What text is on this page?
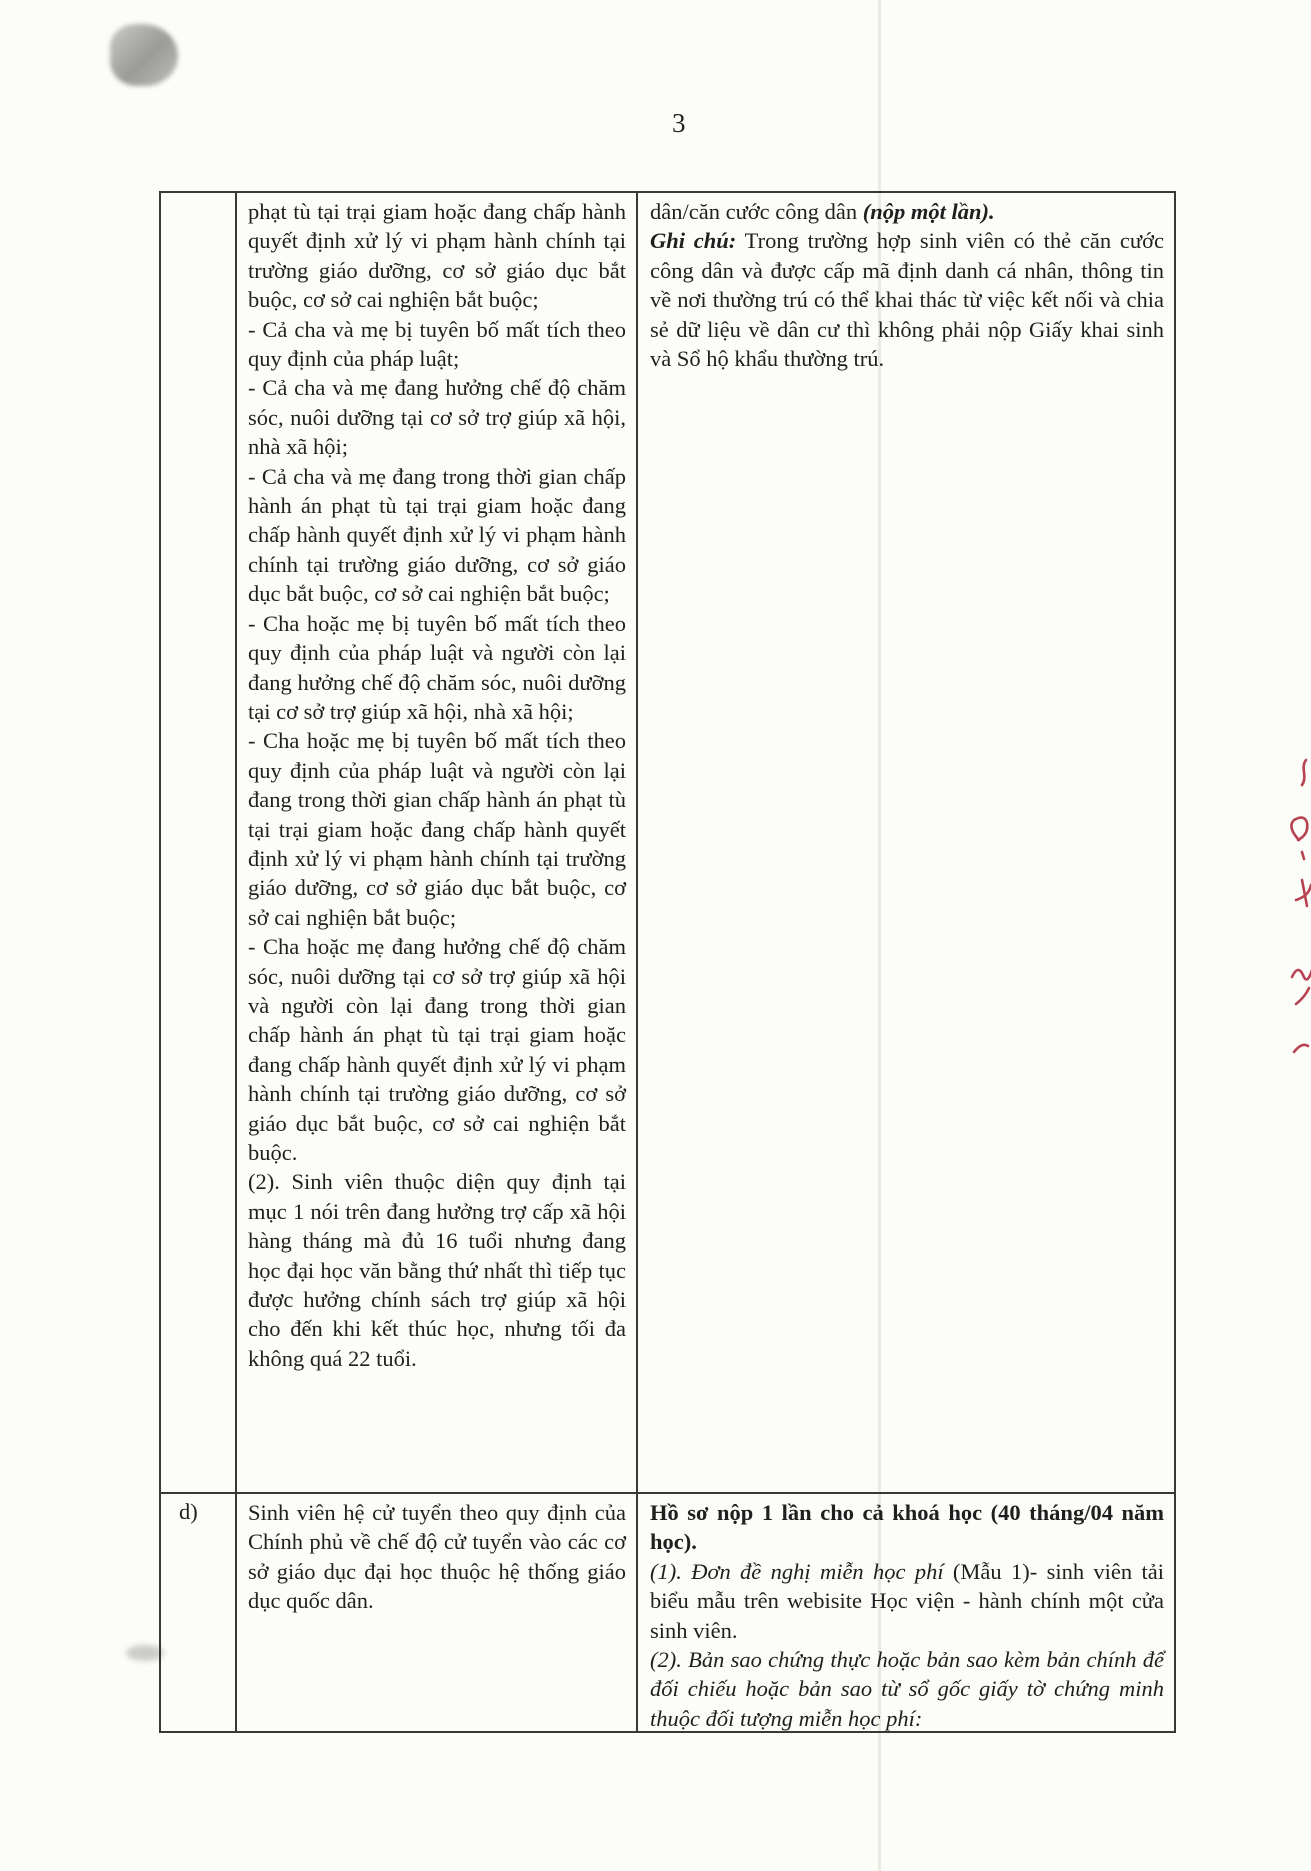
3

phạt tù tại trại giam hoặc đang chấp hành quyết định xử lý vi phạm hành chính tại trường giáo dưỡng, cơ sở giáo dục bắt buộc, cơ sở cai nghiện bắt buộc;

- Cả cha và mẹ bị tuyên bố mất tích theo quy định của pháp luật;

- Cả cha và mẹ đang hưởng chế độ chăm sóc, nuôi dưỡng tại cơ sở trợ giúp xã hội, nhà xã hội;

- Cả cha và mẹ đang trong thời gian chấp hành án phạt tù tại trại giam hoặc đang chấp hành quyết định xử lý vi phạm hành chính tại trường giáo dưỡng, cơ sở giáo dục bắt buộc, cơ sở cai nghiện bắt buộc;

- Cha hoặc mẹ bị tuyên bố mất tích theo quy định của pháp luật và người còn lại đang hưởng chế độ chăm sóc, nuôi dưỡng tại cơ sở trợ giúp xã hội, nhà xã hội;

- Cha hoặc mẹ bị tuyên bố mất tích theo quy định của pháp luật và người còn lại đang trong thời gian chấp hành án phạt tù tại trại giam hoặc đang chấp hành quyết định xử lý vi phạm hành chính tại trường giáo dưỡng, cơ sở giáo dục bắt buộc, cơ sở cai nghiện bắt buộc;

- Cha hoặc mẹ đang hưởng chế độ chăm sóc, nuôi dưỡng tại cơ sở trợ giúp xã hội và người còn lại đang trong thời gian chấp hành án phạt tù tại trại giam hoặc đang chấp hành quyết định xử lý vi phạm hành chính tại trường giáo dưỡng, cơ sở giáo dục bắt buộc, cơ sở cai nghiện bắt buộc.

(2). Sinh viên thuộc diện quy định tại mục 1 nói trên đang hưởng trợ cấp xã hội hàng tháng mà đủ 16 tuổi nhưng đang học đại học văn bằng thứ nhất thì tiếp tục được hưởng chính sách trợ giúp xã hội cho đến khi kết thúc học, nhưng tối đa không quá 22 tuổi.

dân/căn cước công dân (nộp một lần).

Ghi chú: Trong trường hợp sinh viên có thẻ căn cước công dân và được cấp mã định danh cá nhân, thông tin về nơi thường trú có thể khai thác từ việc kết nối và chia sẻ dữ liệu về dân cư thì không phải nộp Giấy khai sinh và Sổ hộ khẩu thường trú.

d)	Sinh viên hệ cử tuyển theo quy định của Chính phủ về chế độ cử tuyển vào các cơ sở giáo dục đại học thuộc hệ thống giáo dục quốc dân.

Hồ sơ nộp 1 lần cho cả khoá học (40 tháng/04 năm học).

(1). Đơn đề nghị miễn học phí (Mẫu 1)- sinh viên tải biểu mẫu trên webisite Học viện - hành chính một cửa sinh viên.

(2). Bản sao chứng thực hoặc bản sao kèm bản chính để đối chiếu hoặc bản sao từ sổ gốc giấy tờ chứng minh thuộc đối tượng miễn học phí:
